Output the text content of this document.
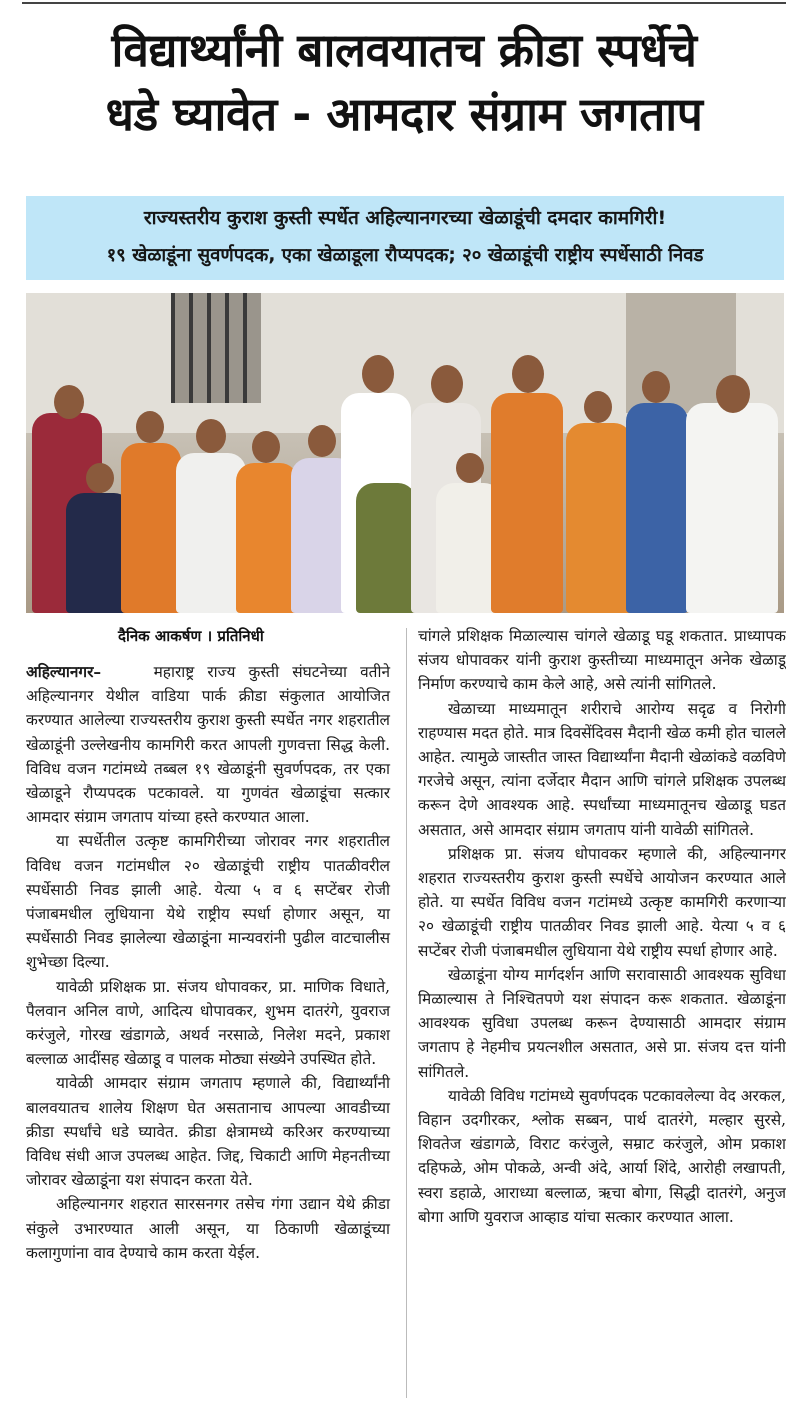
विद्यार्थ्यांनी बालवयातच क्रीडा स्पर्धेचे
धडे घ्यावेत - आमदार संग्राम जगताप
राज्यस्तरीय कुराश कुस्ती स्पर्धेत अहिल्यानगरच्या खेळाडूंची दमदार कामगिरी!
१९ खेळाडूंना सुवर्णपदक, एका खेळाडूला रौप्यपदक; २० खेळाडूंची राष्ट्रीय स्पर्धेसाठी निवड
दैनिक आकर्षण । प्रतिनिधी

अहिल्यानगर–	महाराष्ट्र राज्य कुस्ती संघटनेच्या वतीने अहिल्यानगर येथील वाडिया पार्क क्रीडा संकुलात आयोजित करण्यात आलेल्या राज्यस्तरीय कुराश कुस्ती स्पर्धेत नगर शहरातील खेळाडूंनी उल्लेखनीय कामगिरी करत आपली गुणवत्ता सिद्ध केली. विविध वजन गटांमध्ये तब्बल १९ खेळाडूंनी सुवर्णपदक, तर एका खेळाडूने रौप्यपदक पटकावले. या गुणवंत खेळाडूंचा सत्कार आमदार संग्राम जगताप यांच्या हस्ते करण्यात आला.

या स्पर्धेतील उत्कृष्ट कामगिरीच्या जोरावर नगर शहरातील विविध वजन गटांमधील २० खेळाडूंची राष्ट्रीय पातळीवरील स्पर्धेसाठी निवड झाली आहे. येत्या ५ व ६ सप्टेंबर रोजी पंजाबमधील लुधियाना येथे राष्ट्रीय स्पर्धा होणार असून, या स्पर्धेसाठी निवड झालेल्या खेळाडूंना मान्यवरांनी पुढील वाटचालीस शुभेच्छा दिल्या.

यावेळी प्रशिक्षक प्रा. संजय धोपावकर, प्रा. माणिक विधाते, पैलवान अनिल वाणे, आदित्य धोपावकर, शुभम दातरंगे, युवराज करंजुले, गोरख खंडागळे, अथर्व नरसाळे, निलेश मदने, प्रकाश बल्लाळ आदींसह खेळाडू व पालक मोठ्या संख्येने उपस्थित होते.

यावेळी आमदार संग्राम जगताप म्हणाले की, विद्यार्थ्यांनी बालवयातच शालेय शिक्षण घेत असतानाच आपल्या आवडीच्या क्रीडा स्पर्धांचे धडे घ्यावेत. क्रीडा क्षेत्रामध्ये करिअर करण्याच्या विविध संधी आज उपलब्ध आहेत. जिद्द, चिकाटी आणि मेहनतीच्या जोरावर खेळाडूंना यश संपादन करता येते.

अहिल्यानगर शहरात सारसनगर तसेच गंगा उद्यान येथे क्रीडा संकुले उभारण्यात आली असून, या ठिकाणी खेळाडूंच्या कलागुणांना वाव देण्याचे काम करता येईल.

चांगले प्रशिक्षक मिळाल्यास चांगले खेळाडू घडू शकतात. प्राध्यापक संजय धोपावकर यांनी कुराश कुस्तीच्या माध्यमातून अनेक खेळाडू निर्माण करण्याचे काम केले आहे, असे त्यांनी सांगितले.

खेळाच्या माध्यमातून शरीराचे आरोग्य सदृढ व निरोगी राहण्यास मदत होते. मात्र दिवसेंदिवस मैदानी खेळ कमी होत चालले आहेत. त्यामुळे जास्तीत जास्त विद्यार्थ्यांना मैदानी खेळांकडे वळविणे गरजेचे असून, त्यांना दर्जेदार मैदान आणि चांगले प्रशिक्षक उपलब्ध करून देणे आवश्यक आहे. स्पर्धांच्या माध्यमातूनच खेळाडू घडत असतात, असे आमदार संग्राम जगताप यांनी यावेळी सांगितले.

प्रशिक्षक प्रा. संजय धोपावकर म्हणाले की, अहिल्यानगर शहरात राज्यस्तरीय कुराश कुस्ती स्पर्धेचे आयोजन करण्यात आले होते. या स्पर्धेत विविध वजन गटांमध्ये उत्कृष्ट कामगिरी करणाऱ्या २० खेळाडूंची राष्ट्रीय पातळीवर निवड झाली आहे. येत्या ५ व ६ सप्टेंबर रोजी पंजाबमधील लुधियाना येथे राष्ट्रीय स्पर्धा होणार आहे.

खेळाडूंना योग्य मार्गदर्शन आणि सरावासाठी आवश्यक सुविधा मिळाल्यास ते निश्चितपणे यश संपादन करू शकतात. खेळाडूंना आवश्यक सुविधा उपलब्ध करून देण्यासाठी आमदार संग्राम जगताप हे नेहमीच प्रयत्नशील असतात, असे प्रा. संजय दत्त यांनी सांगितले.

यावेळी विविध गटांमध्ये सुवर्णपदक पटकावलेल्या वेद अरकल, विहान उदगीरकर, श्लोक सब्बन, पार्थ दातरंगे, मल्हार सुरसे, शिवतेज खंडागळे, विराट करंजुले, सम्राट करंजुले, ओम प्रकाश दहिफळे, ओम पोकळे, अन्वी अंदे, आर्या शिंदे, आरोही लखापती, स्वरा डहाळे, आराध्या बल्लाळ, ऋचा बोगा, सिद्धी दातरंगे, अनुज बोगा आणि युवराज आव्हाड यांचा सत्कार करण्यात आला.
